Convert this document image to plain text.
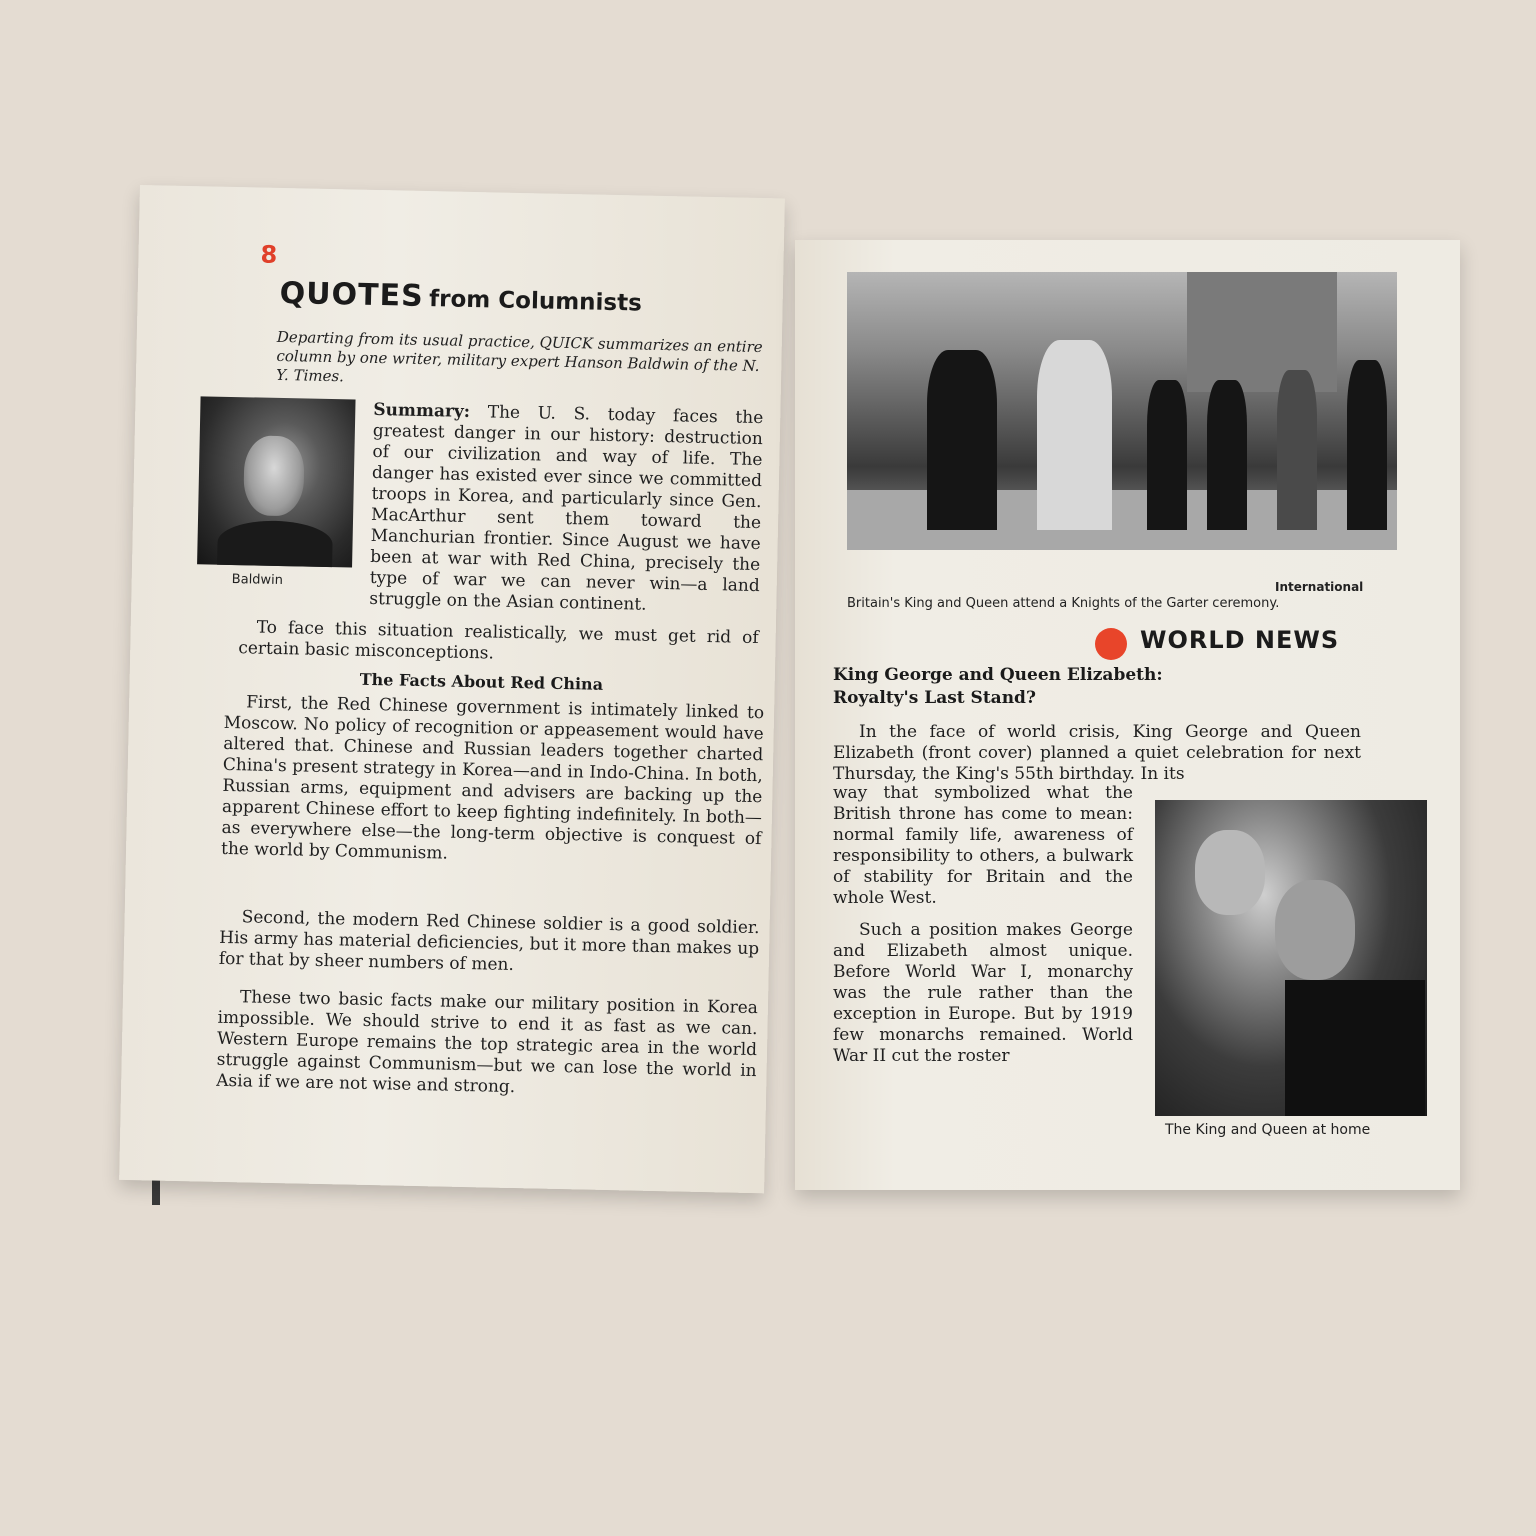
8
QUOTES from Columnists
Departing from its usual practice, QUICK summarizes an entire column by one writer, military expert Hanson Baldwin of the N. Y. Times.
Baldwin
Summary: The U. S. today faces the greatest danger in our history: destruction of our civilization and way of life. The danger has existed ever since we committed troops in Korea, and particularly since Gen. MacArthur sent them toward the Manchurian frontier. Since August we have been at war with Red China, precisely the type of war we can never win—a land struggle on the Asian continent.
To face this situation realistically, we must get rid of certain basic misconceptions.
The Facts About Red China
First, the Red Chinese government is intimately linked to Moscow. No policy of recognition or appeasement would have altered that. Chinese and Russian leaders together charted China's present strategy in Korea—and in Indo-China. In both, Russian arms, equipment and advisers are backing up the apparent Chinese effort to keep fighting indefinitely. In both—as everywhere else—the long-term objective is conquest of the world by Communism.
Second, the modern Red Chinese soldier is a good soldier. His army has material deficiencies, but it more than makes up for that by sheer numbers of men.
These two basic facts make our military position in Korea impossible. We should strive to end it as fast as we can. Western Europe remains the top strategic area in the world struggle against Communism—but we can lose the world in Asia if we are not wise and strong.
International
Britain's King and Queen attend a Knights of the Garter ceremony.
WORLD NEWS
King George and Queen Elizabeth:
Royalty's Last Stand?
In the face of world crisis, King George and Queen Elizabeth (front cover) planned a quiet celebration for next Thursday, the King's 55th birthday. In its
way that symbolized what the British throne has come to mean: normal family life, awareness of responsibility to others, a bulwark of stability for Britain and the whole West.
Such a position makes George and Elizabeth almost unique. Before World War I, monarchy was the rule rather than the exception in Europe. But by 1919 few monarchs remained. World War II cut the roster
The King and Queen at home
